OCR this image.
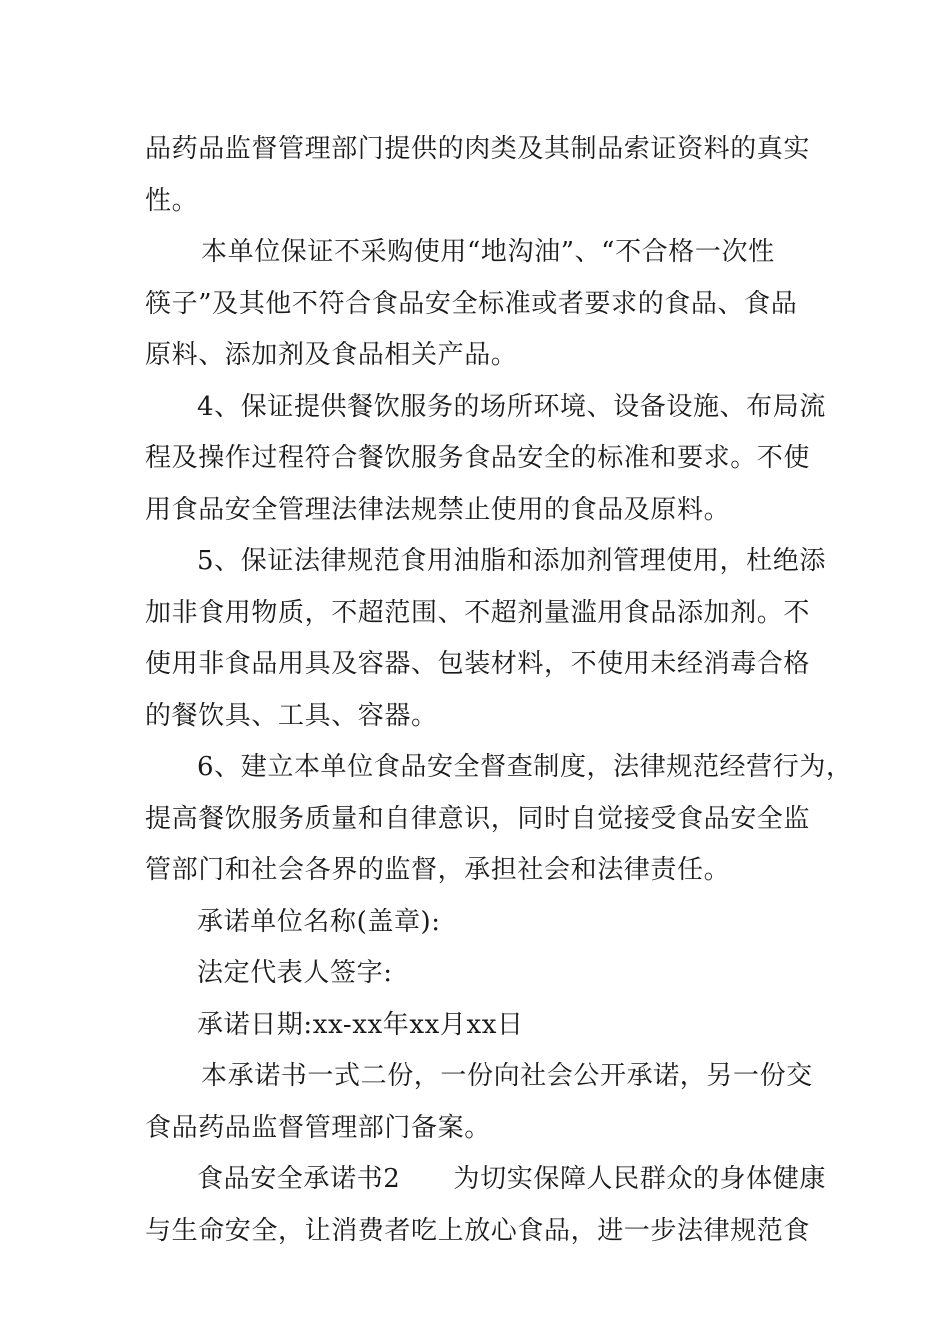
品药品监督管理部门提供的肉类及其制品索证资料的真实
性。
本单位保证不采购使用“地沟油”、“不合格一次性
筷子”及其他不符合食品安全标准或者要求的食品、食品
原料、添加剂及食品相关产品。
4、保证提供餐饮服务的场所环境、设备设施、布局流
程及操作过程符合餐饮服务食品安全的标准和要求。不使
用食品安全管理法律法规禁止使用的食品及原料。
5、保证法律规范食用油脂和添加剂管理使用，杜绝添
加非食用物质，不超范围、不超剂量滥用食品添加剂。不
使用非食品用具及容器、包装材料，不使用未经消毒合格
的餐饮具、工具、容器。
6、建立本单位食品安全督查制度，法律规范经营行为，
提高餐饮服务质量和自律意识，同时自觉接受食品安全监
管部门和社会各界的监督，承担社会和法律责任。
承诺单位名称(盖章):
法定代表人签字:
承诺日期:xx-xx年xx月xx日
本承诺书一式二份，一份向社会公开承诺，另一份交
食品药品监督管理部门备案。
食品安全承诺书2　　为切实保障人民群众的身体健康
与生命安全，让消费者吃上放心食品，进一步法律规范食
